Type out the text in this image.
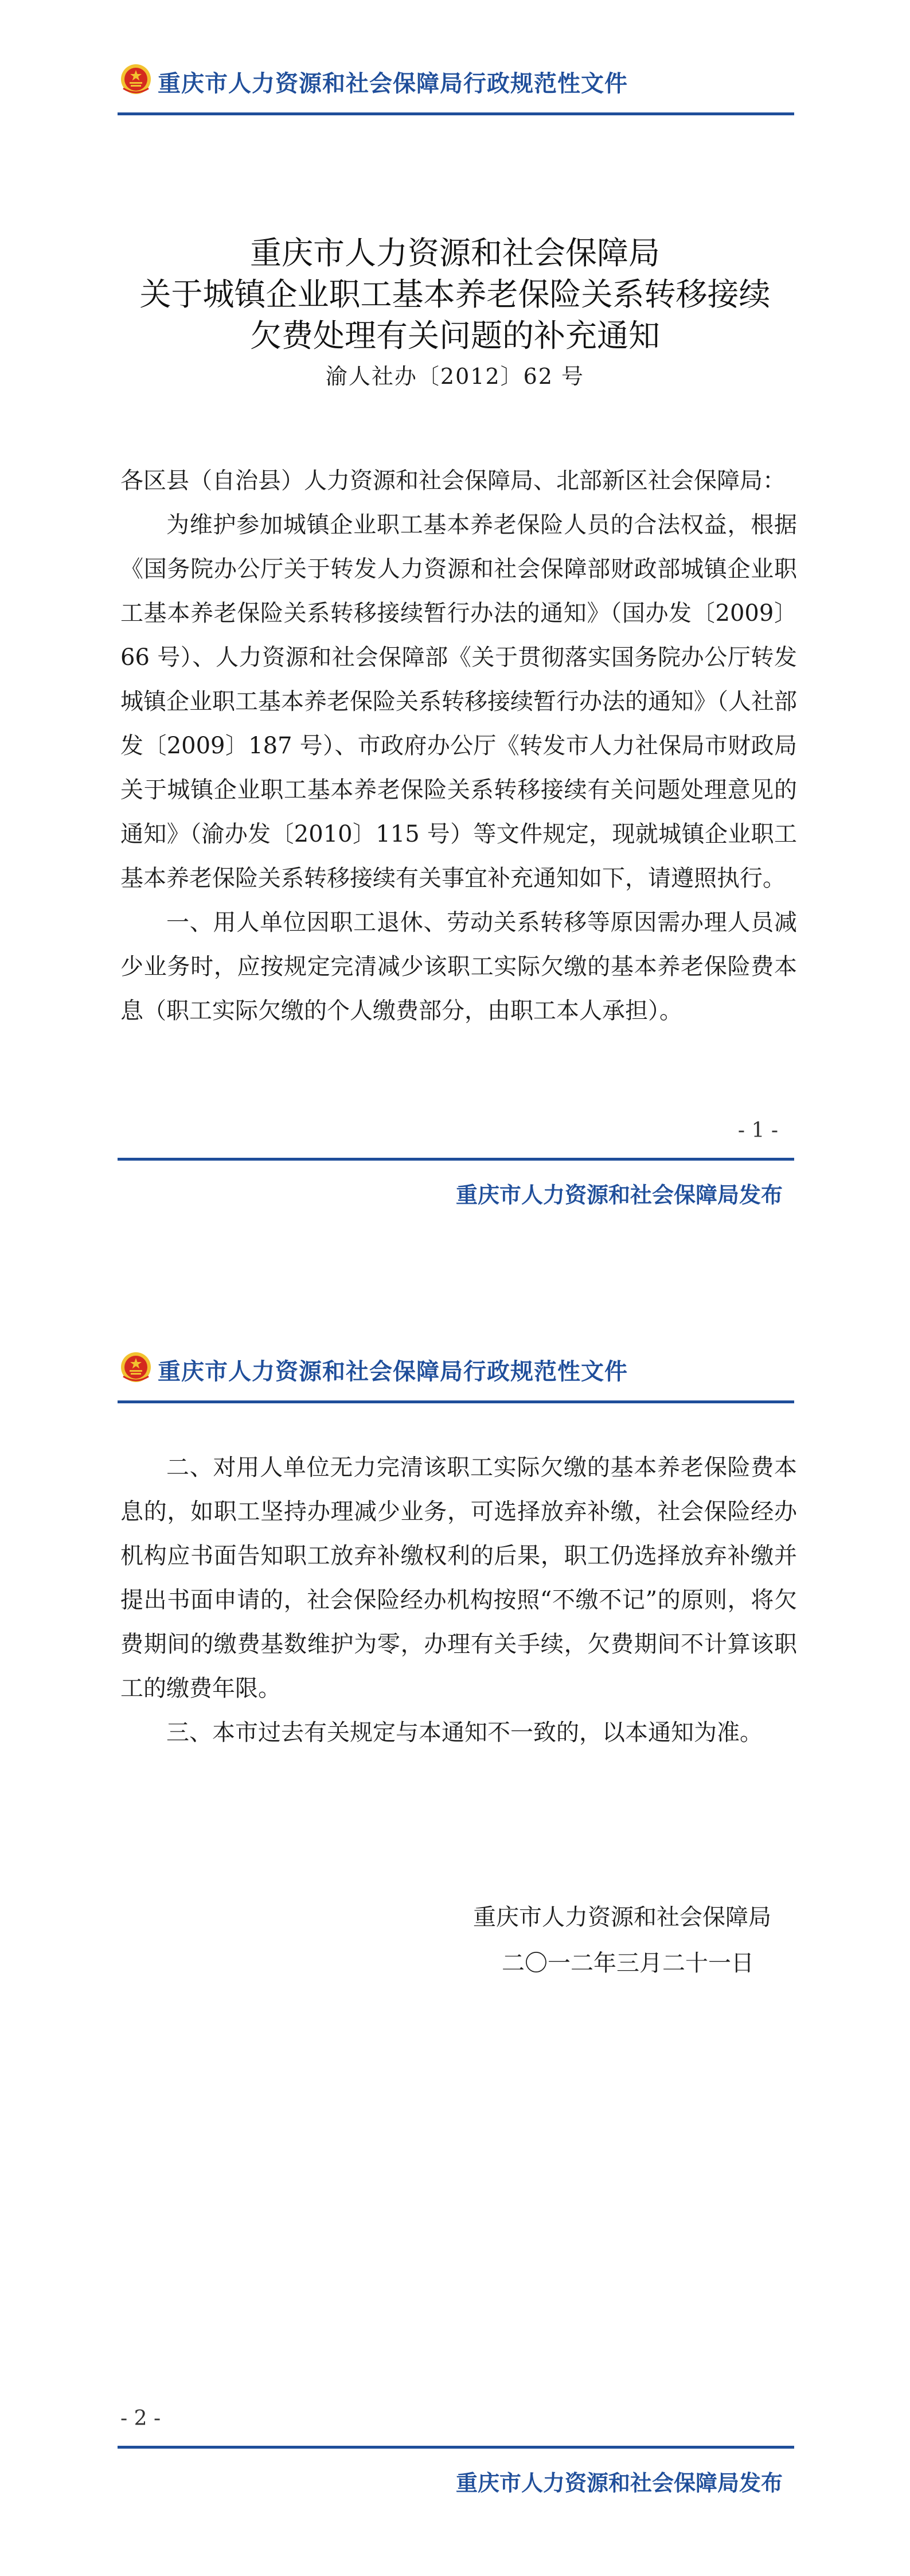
重庆市人力资源和社会保障局行政规范性文件
重庆市人力资源和社会保障局
关于城镇企业职工基本养老保险关系转移接续
欠费处理有关问题的补充通知
渝人社办〔2012〕62 号

各区县（自治县）人力资源和社会保障局、北部新区社会保障局：

为维护参加城镇企业职工基本养老保险人员的合法权益，根据《国务院办公厅关于转发人力资源和社会保障部财政部城镇企业职工基本养老保险关系转移接续暂行办法的通知》（国办发〔2009〕66 号）、人力资源和社会保障部《关于贯彻落实国务院办公厅转发城镇企业职工基本养老保险关系转移接续暂行办法的通知》（人社部发〔2009〕187 号）、市政府办公厅《转发市人力社保局市财政局关于城镇企业职工基本养老保险关系转移接续有关问题处理意见的通知》（渝办发〔2010〕115 号）等文件规定，现就城镇企业职工基本养老保险关系转移接续有关事宜补充通知如下，请遵照执行。

一、用人单位因职工退休、劳动关系转移等原因需办理人员减少业务时，应按规定完清减少该职工实际欠缴的基本养老保险费本息（职工实际欠缴的个人缴费部分，由职工本人承担）。

- 1 -
重庆市人力资源和社会保障局发布
重庆市人力资源和社会保障局行政规范性文件

二、对用人单位无力完清该职工实际欠缴的基本养老保险费本息的，如职工坚持办理减少业务，可选择放弃补缴，社会保险经办机构应书面告知职工放弃补缴权利的后果，职工仍选择放弃补缴并提出书面申请的，社会保险经办机构按照“不缴不记”的原则，将欠费期间的缴费基数维护为零，办理有关手续，欠费期间不计算该职工的缴费年限。

三、本市过去有关规定与本通知不一致的，以本通知为准。

重庆市人力资源和社会保障局
二〇一二年三月二十一日
- 2 -
重庆市人力资源和社会保障局发布
